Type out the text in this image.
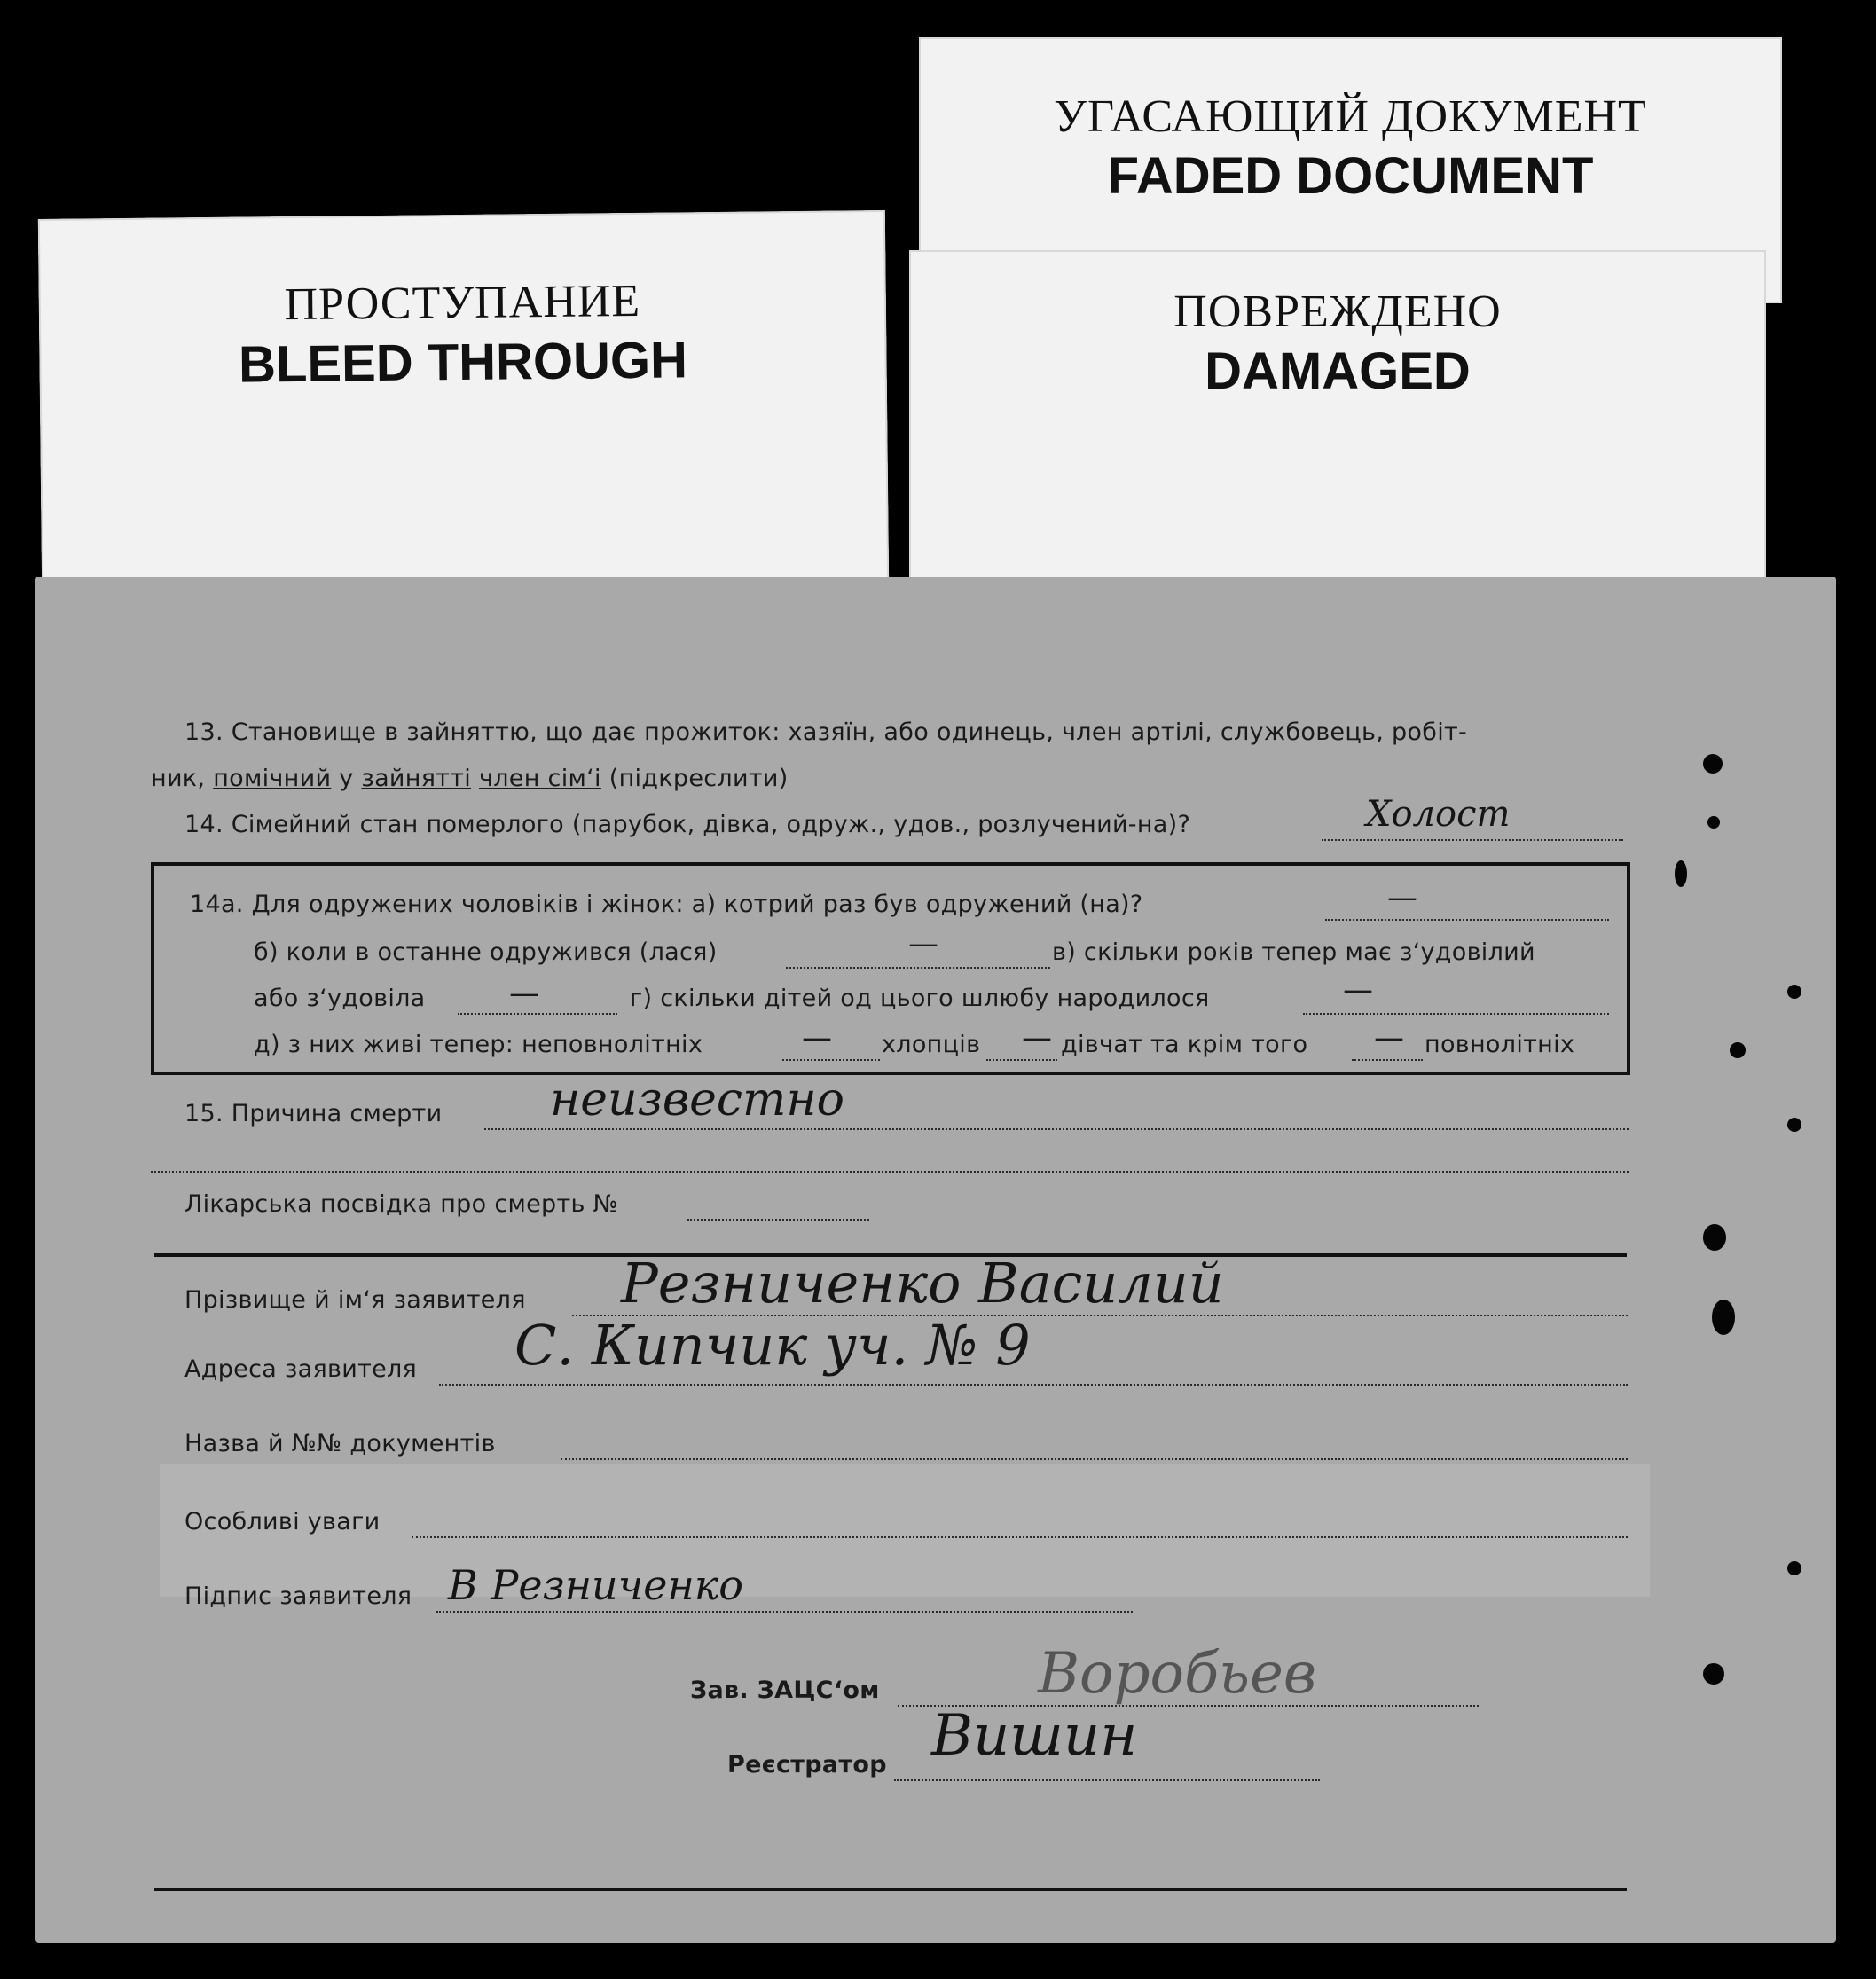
УГАСАЮЩИЙ ДОКУМЕНТ
FADED DOCUMENT
ПРОСТУПАНИЕ
BLEED THROUGH
ПОВРЕЖДЕНО
DAMAGED
13. Становище в зайняттю, що дає прожиток: хазяїн, або одинець, член артілі, службовець, робіт-
ник, помічний у зайнятті член сім‘і (підкреслити)
14. Сімейний стан померлого (парубок, дівка, одруж., удов., розлучений-на)?	Холост
14а. Для одружених чоловіків і жінок: а) котрий раз був одружений (на)?	—
б) коли в останне одружився (лася)	—	в) скільки років тепер має з‘удовілий
або з‘удовіла	—	г) скільки дітей од цього шлюбу народилося	—
д) з них живі тепер: неповнолітніх	— хлопців — дівчат та крім того — повнолітніх
15. Причина смерти неизвестно
Лікарська посвідка про смерть №
Прізвище й ім‘я заявителя Резниченко Василий
Адреса заявителя С. Кипчик уч. № 9
Назва й №№ документів
Особливі уваги
Підпис заявителя В Резниченко
Зав. ЗАЦС‘ом	Воробьев
Реєстратор Вишин
